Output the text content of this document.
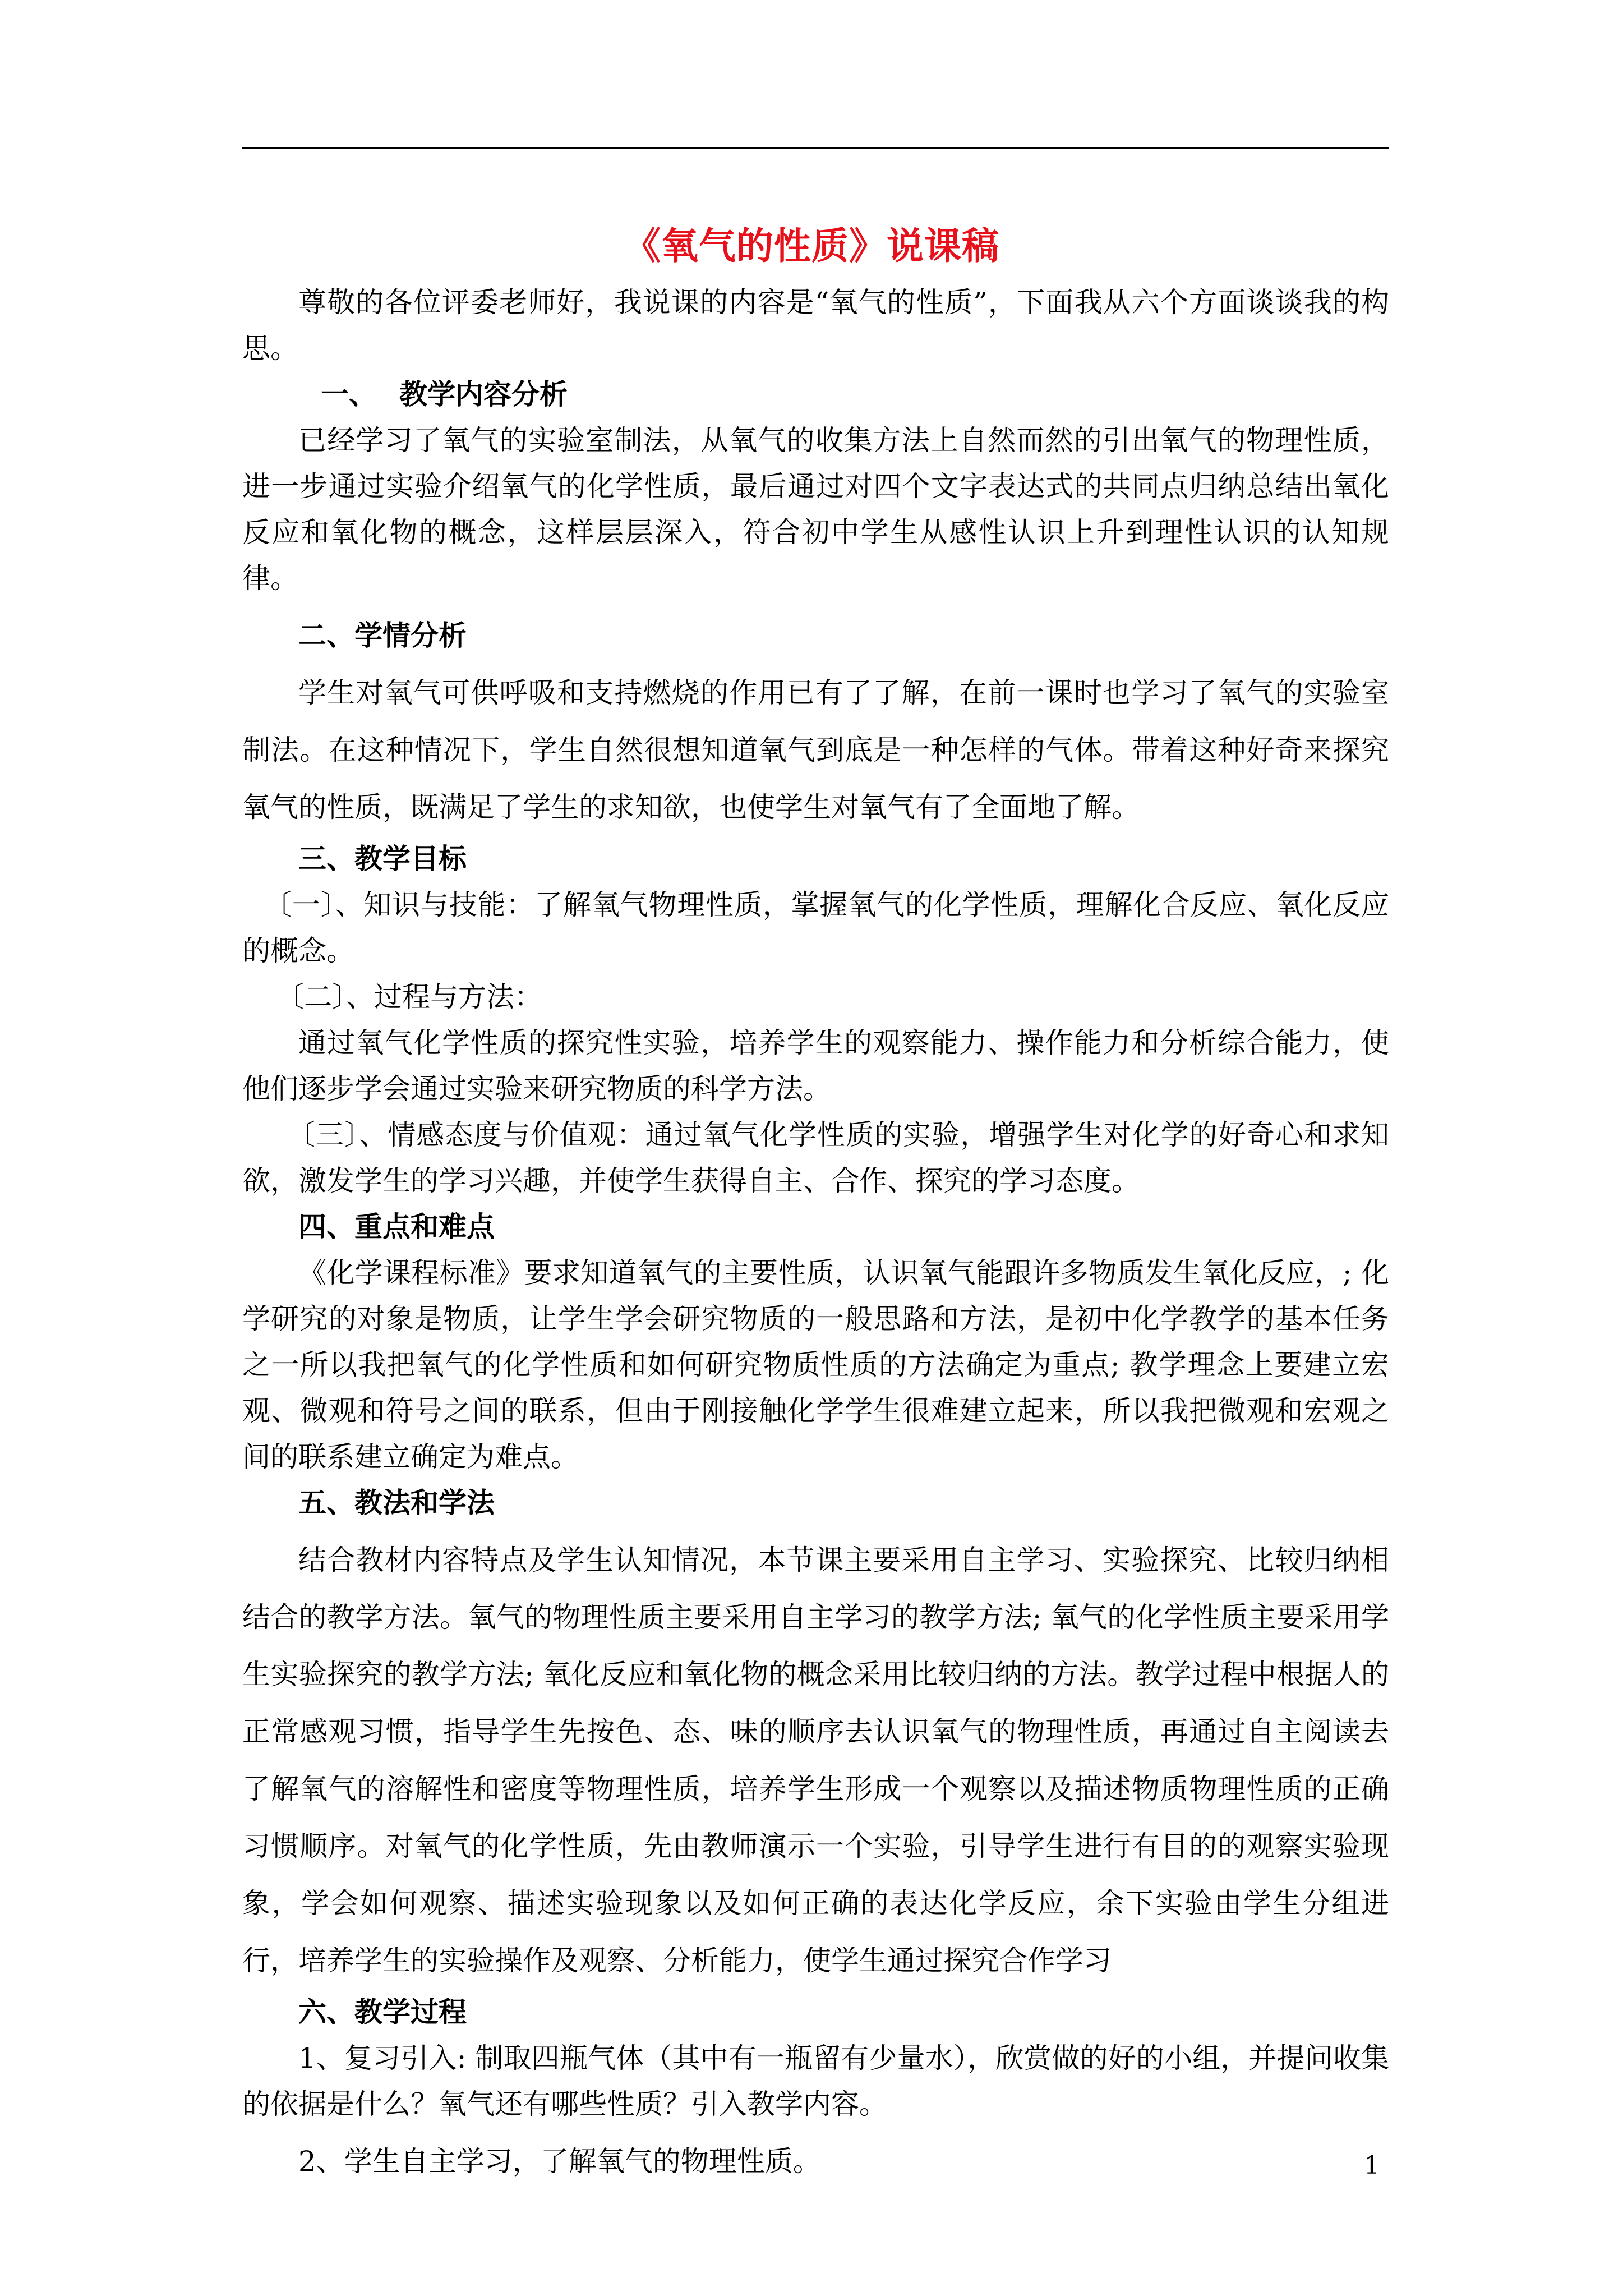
《氧气的性质》说课稿

尊敬的各位评委老师好，我说课的内容是“氧气的性质”，下面我从六个方面谈谈我的构思。

一、 教学内容分析

已经学习了氧气的实验室制法，从氧气的收集方法上自然而然的引出氧气的物理性质，进一步通过实验介绍氧气的化学性质，最后通过对四个文字表达式的共同点归纳总结出氧化反应和氧化物的概念，这样层层深入，符合初中学生从感性认识上升到理性认识的认知规律。

二、学情分析

学生对氧气可供呼吸和支持燃烧的作用已有了了解，在前一课时也学习了氧气的实验室制法。在这种情况下，学生自然很想知道氧气到底是一种怎样的气体。带着这种好奇来探究氧气的性质，既满足了学生的求知欲，也使学生对氧气有了全面地了解。

三、教学目标

〔一〕、知识与技能：了解氧气物理性质，掌握氧气的化学性质，理解化合反应、氧化反应的概念。

〔二〕、过程与方法：

通过氧气化学性质的探究性实验，培养学生的观察能力、操作能力和分析综合能力，使他们逐步学会通过实验来研究物质的科学方法。

〔三〕、情感态度与价值观：通过氧气化学性质的实验，增强学生对化学的好奇心和求知欲，激发学生的学习兴趣，并使学生获得自主、合作、探究的学习态度。

四、重点和难点

《化学课程标准》要求知道氧气的主要性质，认识氧气能跟许多物质发生氧化反应，; 化学研究的对象是物质，让学生学会研究物质的一般思路和方法，是初中化学教学的基本任务之一所以我把氧气的化学性质和如何研究物质性质的方法确定为重点; 教学理念上要建立宏观、微观和符号之间的联系，但由于刚接触化学学生很难建立起来，所以我把微观和宏观之间的联系建立确定为难点。

五、教法和学法

结合教材内容特点及学生认知情况，本节课主要采用自主学习、实验探究、比较归纳相结合的教学方法。氧气的物理性质主要采用自主学习的教学方法; 氧气的化学性质主要采用学生实验探究的教学方法; 氧化反应和氧化物的概念采用比较归纳的方法。教学过程中根据人的正常感观习惯，指导学生先按色、态、味的顺序去认识氧气的物理性质，再通过自主阅读去了解氧气的溶解性和密度等物理性质，培养学生形成一个观察以及描述物质物理性质的正确习惯顺序。对氧气的化学性质，先由教师演示一个实验，引导学生进行有目的的观察实验现象，学会如何观察、描述实验现象以及如何正确的表达化学反应，余下实验由学生分组进行，培养学生的实验操作及观察、分析能力，使学生通过探究合作学习

六、教学过程

1、复习引入: 制取四瓶气体（其中有一瓶留有少量水），欣赏做的好的小组，并提问收集的依据是什么？氧气还有哪些性质？引入教学内容。

2、学生自主学习，了解氧气的物理性质。	1
